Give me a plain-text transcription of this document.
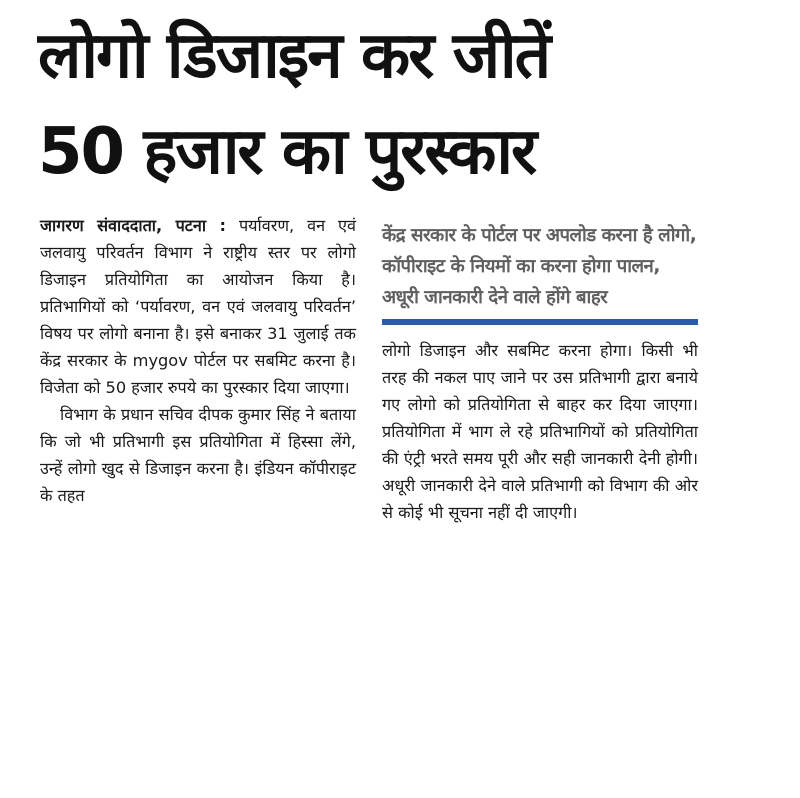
लोगो डिजाइन कर जीतें
50 हजार का पुरस्कार

जागरण संवाददाता, पटना : पर्यावरण, वन एवं जलवायु परिवर्तन विभाग ने राष्ट्रीय स्तर पर लोगो डिजाइन प्रतियोगिता का आयोजन किया है। प्रतिभागियों को ‘पर्यावरण, वन एवं जलवायु परिवर्तन’ विषय पर लोगो बनाना है। इसे बनाकर 31 जुलाई तक केंद्र सरकार के mygov पोर्टल पर सबमिट करना है। विजेता को 50 हजार रुपये का पुरस्कार दिया जाएगा।

विभाग के प्रधान सचिव दीपक कुमार सिंह ने बताया कि जो भी प्रतिभागी इस प्रतियोगिता में हिस्सा लेंगे, उन्हें लोगो खुद से डिजाइन करना है। इंडियन कॉपीराइट के तहत

केंद्र सरकार के पोर्टल पर अपलोड करना है लोगो, कॉपीराइट के नियमों का करना होगा पालन, अधूरी जानकारी देने वाले होंगे बाहर

लोगो डिजाइन और सबमिट करना होगा। किसी भी तरह की नकल पाए जाने पर उस प्रतिभागी द्वारा बनाये गए लोगो को प्रतियोगिता से बाहर कर दिया जाएगा। प्रतियोगिता में भाग ले रहे प्रतिभागियों को प्रतियोगिता की एंट्री भरते समय पूरी और सही जानकारी देनी होगी। अधूरी जानकारी देने वाले प्रतिभागी को विभाग की ओर से कोई भी सूचना नहीं दी जाएगी।
